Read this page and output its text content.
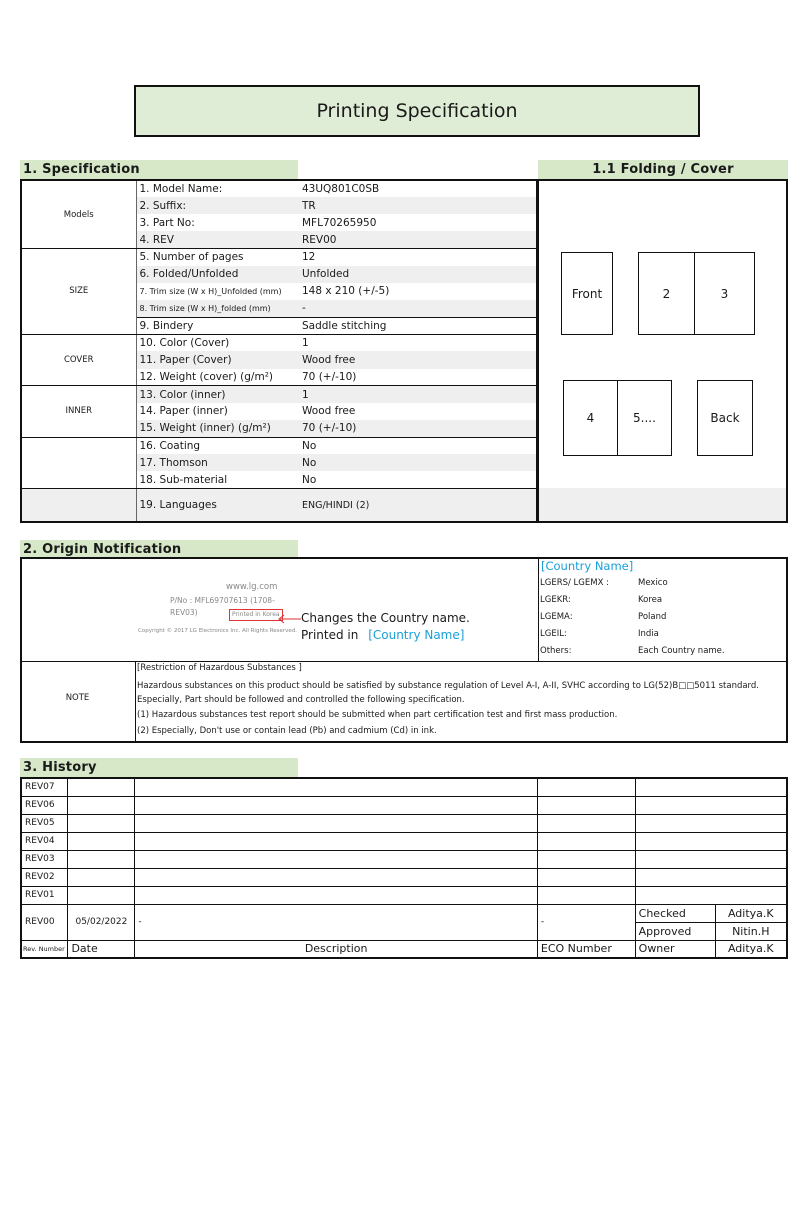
Printing Specification
1. Specification	1.1 Folding / Cover
Models	1. Model Name:	43UQ801C0SB
	2. Suffix:	TR
	3. Part No:	MFL70265950
	4. REV	REV00
SIZE	5. Number of pages	12
	6. Folded/Unfolded	Unfolded
	7. Trim size (W x H)_Unfolded (mm)	148 x 210 (+/-5)
	8. Trim size (W x H)_folded (mm)	-
	9. Bindery	Saddle stitching
COVER	10. Color (Cover)	1
	11. Paper (Cover)	Wood free
	12. Weight (cover) (g/m²)	70 (+/-10)
INNER	13. Color (inner)	1
	14. Paper (inner)	Wood free
	15. Weight (inner) (g/m²)	70 (+/-10)
	16. Coating	No
	17. Thomson	No
	18. Sub-material	No
	19. Languages	ENG/HINDI (2)
Front	2	3
4	5....	Back
2. Origin Notification
www.lg.com
P/No : MFL69707613 (1708-REV03)	Printed in Korea
Copyright © 2017 LG Electronics Inc. All Rights Reserved.
Changes the Country name.
Printed in [Country Name]
[Country Name]
LGERS/ LGEMX :	Mexico
LGEKR:	Korea
LGEMA:	Poland
LGEIL:	India
Others:	Each Country name.
NOTE
[Restriction of Hazardous Substances ]
Hazardous substances on this product should be satisfied by substance regulation of Level A-I, A-II, SVHC according to LG(52)B□□5011 standard.
Especially, Part should be followed and controlled the following specification.
(1) Hazardous substances test report should be submitted when part certification test and first mass production.
(2) Especially, Don't use or contain lead (Pb) and cadmium (Cd) in ink.
3. History
REV07					
REV06					
REV05					
REV04					
REV03					
REV02					
REV01					
REV00	05/02/2022	-	-	Checked	Aditya.K
				Approved	Nitin.H
Rev. Number	Date	Description	ECO Number	Owner	Aditya.K
